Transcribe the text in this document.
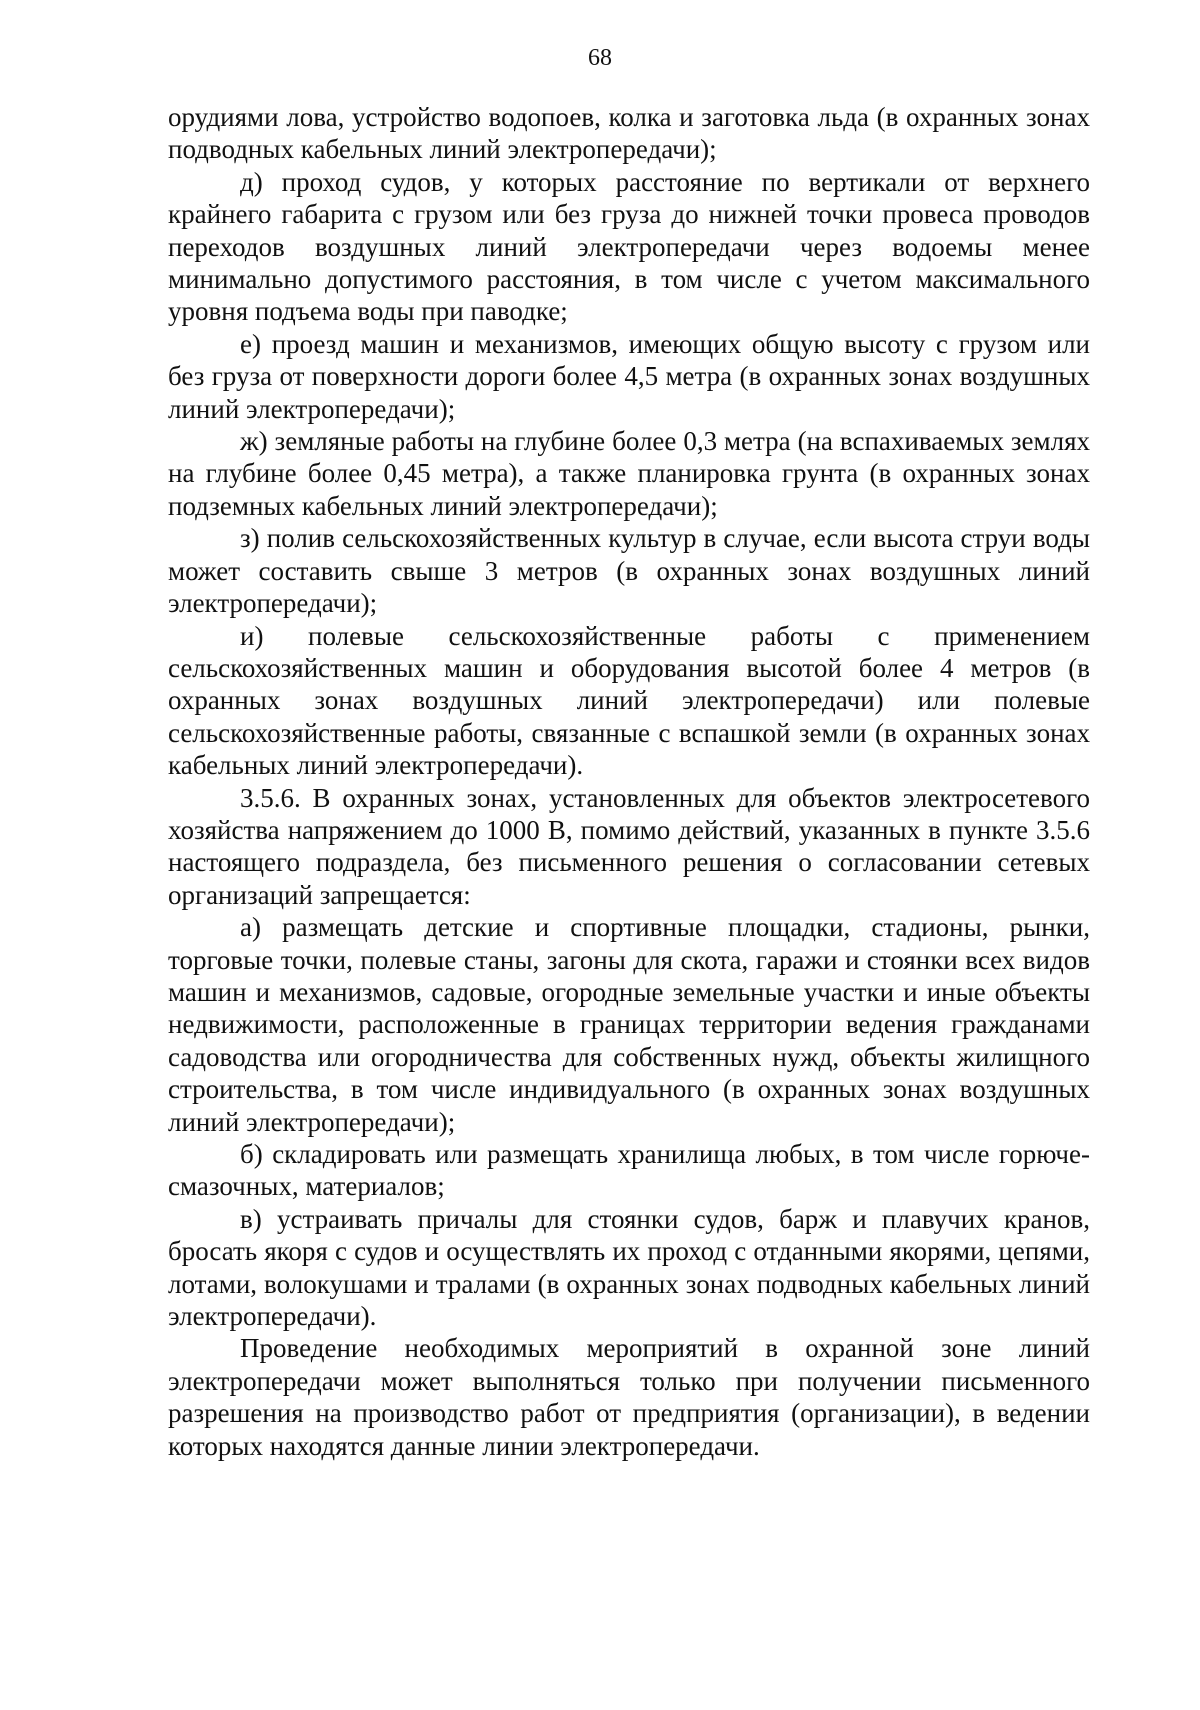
68

орудиями лова, устройство водопоев, колка и заготовка льда (в охранных зонах подводных кабельных линий электропередачи);

д) проход судов, у которых расстояние по вертикали от верхнего крайнего габарита с грузом или без груза до нижней точки провеса проводов переходов воздушных линий электропередачи через водоемы менее минимально допустимого расстояния, в том числе с учетом максимального уровня подъема воды при паводке;

е) проезд машин и механизмов, имеющих общую высоту с грузом или без груза от поверхности дороги более 4,5 метра (в охранных зонах воздушных линий электропередачи);

ж) земляные работы на глубине более 0,3 метра (на вспахиваемых землях на глубине более 0,45 метра), а также планировка грунта (в охранных зонах подземных кабельных линий электропередачи);

з) полив сельскохозяйственных культур в случае, если высота струи воды может составить свыше 3 метров (в охранных зонах воздушных линий электропередачи);

и) полевые сельскохозяйственные работы с применением сельскохозяйственных машин и оборудования высотой более 4 метров (в охранных зонах воздушных линий электропередачи) или полевые сельскохозяйственные работы, связанные с вспашкой земли (в охранных зонах кабельных линий электропередачи).

3.5.6. В охранных зонах, установленных для объектов электросетевого хозяйства напряжением до 1000 В, помимо действий, указанных в пункте 3.5.6 настоящего подраздела, без письменного решения о согласовании сетевых организаций запрещается:

а) размещать детские и спортивные площадки, стадионы, рынки, торговые точки, полевые станы, загоны для скота, гаражи и стоянки всех видов машин и механизмов, садовые, огородные земельные участки и иные объекты недвижимости, расположенные в границах территории ведения гражданами садоводства или огородничества для собственных нужд, объекты жилищного строительства, в том числе индивидуального (в охранных зонах воздушных линий электропередачи);

б) складировать или размещать хранилища любых, в том числе горюче-смазочных, материалов;

в) устраивать причалы для стоянки судов, барж и плавучих кранов, бросать якоря с судов и осуществлять их проход с отданными якорями, цепями, лотами, волокушами и тралами (в охранных зонах подводных кабельных линий электропередачи).

Проведение необходимых мероприятий в охранной зоне линий электропередачи может выполняться только при получении письменного разрешения на производство работ от предприятия (организации), в ведении которых находятся данные линии электропередачи.
